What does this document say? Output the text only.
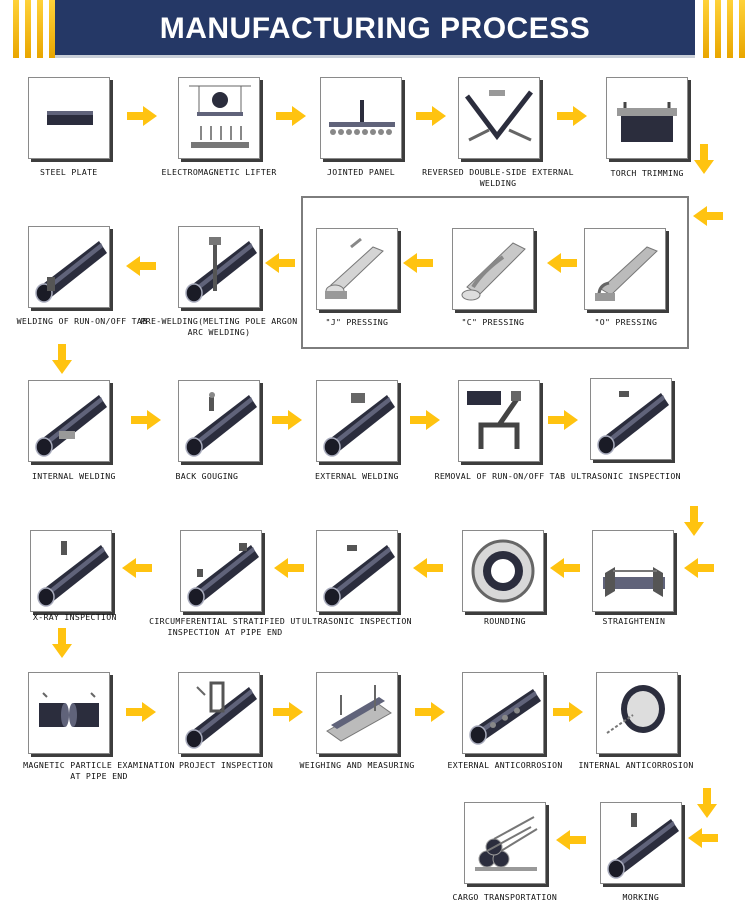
MANUFACTURING PROCESS
STEEL PLATE	ELECTROMAGNETIC LIFTER	JOINTED PANEL	REVERSED DOUBLE-SIDE EXTERNAL WELDING
TORCH TRIMMING
"O" PRESSING
"C" PRESSING
"J" PRESSING
PRE-WELDING(MELTING POLE ARGON ARC WELDING)
WELDING OF RUN-ON/OFF TAB
INTERNAL WELDING	BACK GOUGING	EXTERNAL WELDING	REMOVAL OF RUN-ON/OFF TAB ULTRASONIC INSPECTION
STRAIGHTENIN
ROUNDING
ULTRASONIC INSPECTION
CIRCUMFERENTIAL STRATIFIED UT INSPECTION AT PIPE END
X-RAY INSPECTION
MAGNETIC PARTICLE EXAMINATION AT PIPE END
PROJECT INSPECTION	WEIGHING AND MEASURING	EXTERNAL ANTICORROSION INTERNAL ANTICORROSION
MORKING
CARGO TRANSPORTATION
